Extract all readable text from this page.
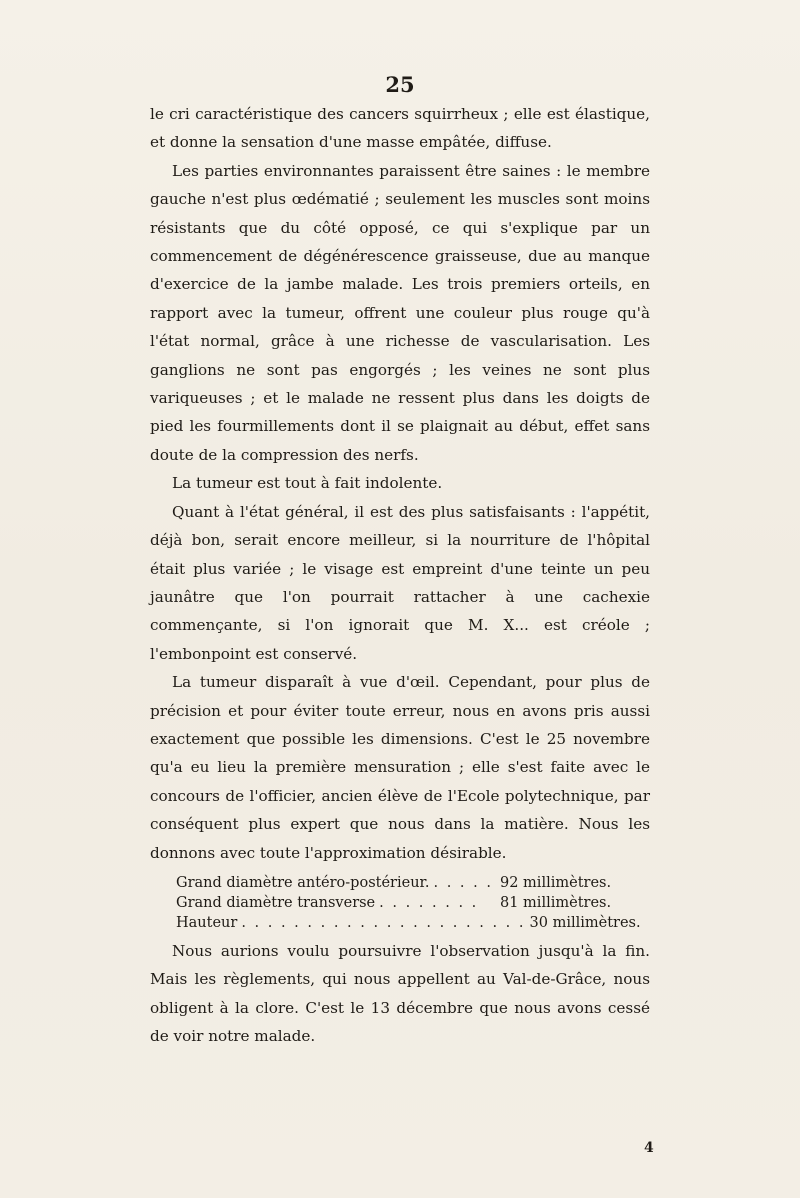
25

le cri caractéristique des cancers squirrheux ; elle est élastique, et donne la sensation d'une masse empâtée, diffuse.

Les parties environnantes paraissent être saines : le membre gauche n'est plus œdématié ; seulement les muscles sont moins résistants que du côté opposé, ce qui s'explique par un commencement de dégénérescence graisseuse, due au manque d'exercice de la jambe malade. Les trois premiers orteils, en rapport avec la tumeur, offrent une couleur plus rouge qu'à l'état normal, grâce à une richesse de vascularisation. Les ganglions ne sont pas engorgés ; les veines ne sont plus variqueuses ; et le malade ne ressent plus dans les doigts de pied les fourmillements dont il se plaignait au début, effet sans doute de la compression des nerfs.

La tumeur est tout à fait indolente.

Quant à l'état général, il est des plus satisfaisants : l'appétit, déjà bon, serait encore meilleur, si la nourriture de l'hôpital était plus variée ; le visage est empreint d'une teinte un peu jaunâtre que l'on pourrait rattacher à une cachexie commençante, si l'on ignorait que M. X... est créole ; l'embonpoint est conservé.

La tumeur disparaît à vue d'œil. Cependant, pour plus de précision et pour éviter toute erreur, nous en avons pris aussi exactement que possible les dimensions. C'est le 25 novembre qu'a eu lieu la première mensuration ; elle s'est faite avec le concours de l'officier, ancien élève de l'Ecole polytechnique, par conséquent plus expert que nous dans la matière. Nous les donnons avec toute l'approximation désirable.

Grand diamètre antéro-postérieur. . . . . . 92 millimètres.
Grand diamètre transverse . . . . . . . .	81 millimètres.
Hauteur . . . . . . . . . . . . . . . . . . . . . . 30 millimètres.

Nous aurions voulu poursuivre l'observation jusqu'à la fin. Mais les règlements, qui nous appellent au Val-de-Grâce, nous obligent à la clore. C'est le 13 décembre que nous avons cessé de voir notre malade.

4
